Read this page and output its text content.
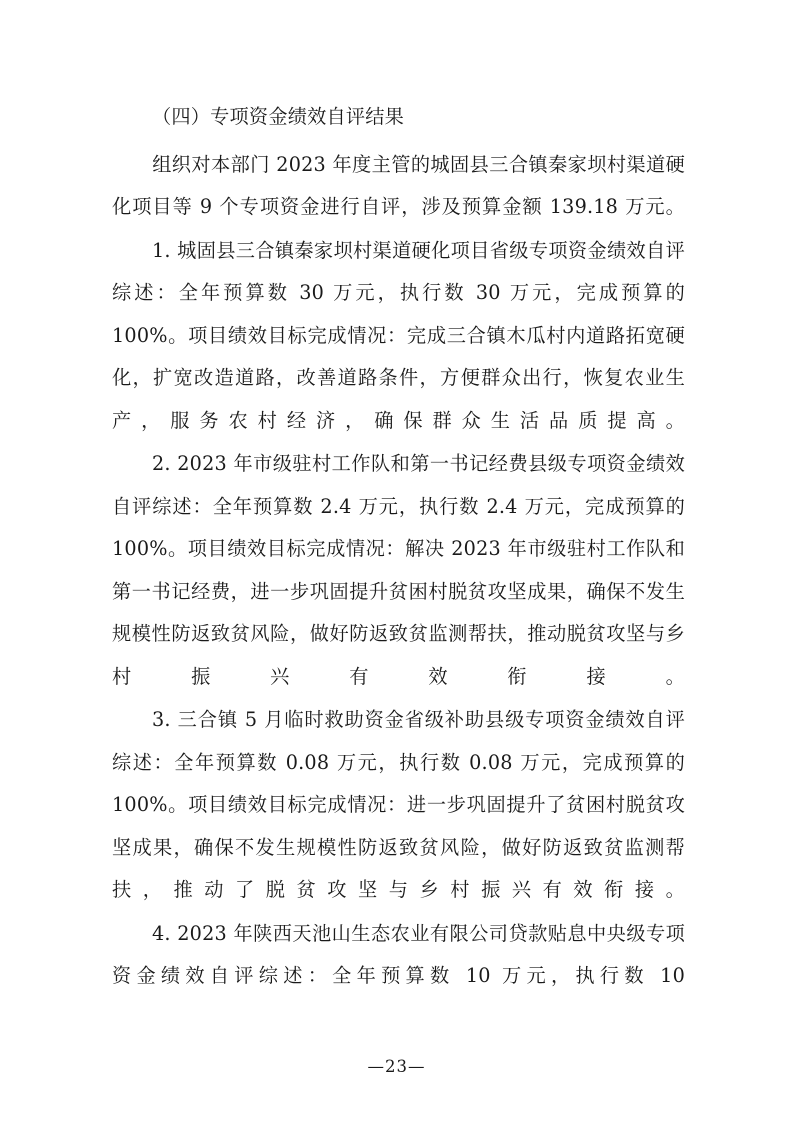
（四）专项资金绩效自评结果

组织对本部门 2023 年度主管的城固县三合镇秦家坝村渠道硬化项目等 9 个专项资金进行自评，涉及预算金额 139.18 万元。

1. 城固县三合镇秦家坝村渠道硬化项目省级专项资金绩效自评综述：全年预算数 30 万元，执行数 30 万元，完成预算的 100%。项目绩效目标完成情况：完成三合镇木瓜村内道路拓宽硬化，扩宽改造道路，改善道路条件，方便群众出行，恢复农业生产，服务农村经济，确保群众生活品质提高。

2. 2023 年市级驻村工作队和第一书记经费县级专项资金绩效自评综述：全年预算数 2.4 万元，执行数 2.4 万元，完成预算的 100%。项目绩效目标完成情况：解决 2023 年市级驻村工作队和第一书记经费，进一步巩固提升贫困村脱贫攻坚成果，确保不发生规模性防返致贫风险，做好防返致贫监测帮扶，推动脱贫攻坚与乡村振兴有效衔接。

3. 三合镇 5 月临时救助资金省级补助县级专项资金绩效自评综述：全年预算数 0.08 万元，执行数 0.08 万元，完成预算的 100%。项目绩效目标完成情况：进一步巩固提升了贫困村脱贫攻坚成果，确保不发生规模性防返致贫风险，做好防返致贫监测帮扶，推动了脱贫攻坚与乡村振兴有效衔接。

4. 2023 年陕西天池山生态农业有限公司贷款贴息中央级专项资金绩效自评综述：全年预算数 10 万元，执行数 10

—23—
